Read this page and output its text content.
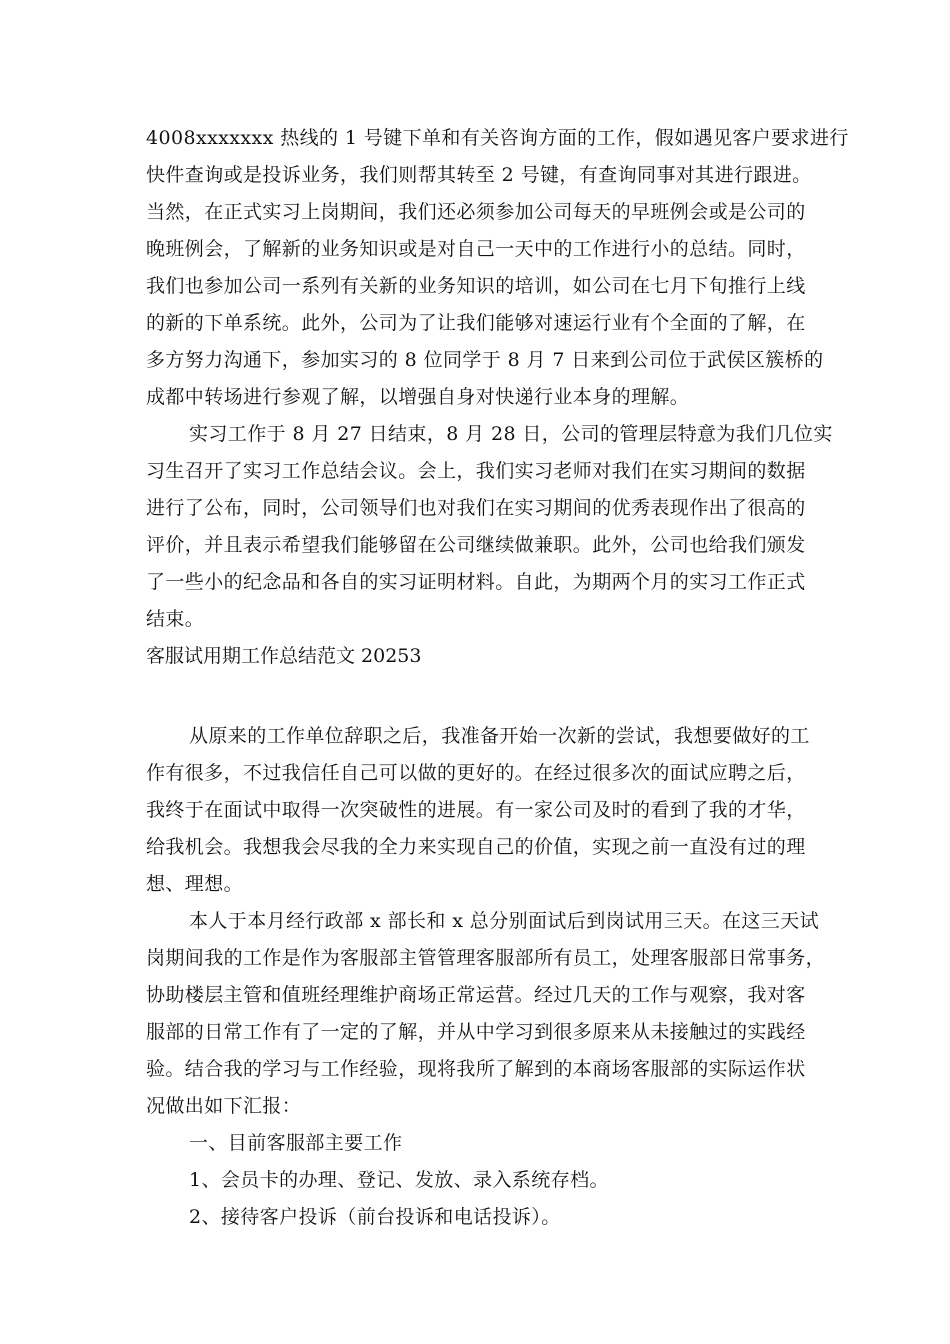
4008xxxxxxx 热线的 1 号键下单和有关咨询方面的工作，假如遇见客户要求进行
快件查询或是投诉业务，我们则帮其转至 2 号键，有查询同事对其进行跟进。
当然，在正式实习上岗期间，我们还必须参加公司每天的早班例会或是公司的
晚班例会，了解新的业务知识或是对自己一天中的工作进行小的总结。同时，
我们也参加公司一系列有关新的业务知识的培训，如公司在七月下旬推行上线
的新的下单系统。此外，公司为了让我们能够对速运行业有个全面的了解，在
多方努力沟通下，参加实习的 8 位同学于 8 月 7 日来到公司位于武侯区簇桥的
成都中转场进行参观了解，以增强自身对快递行业本身的理解。
实习工作于 8 月 27 日结束，8 月 28 日，公司的管理层特意为我们几位实
习生召开了实习工作总结会议。会上，我们实习老师对我们在实习期间的数据
进行了公布，同时，公司领导们也对我们在实习期间的优秀表现作出了很高的
评价，并且表示希望我们能够留在公司继续做兼职。此外，公司也给我们颁发
了一些小的纪念品和各自的实习证明材料。自此，为期两个月的实习工作正式
结束。
客服试用期工作总结范文 20253
从原来的工作单位辞职之后，我准备开始一次新的尝试，我想要做好的工
作有很多，不过我信任自己可以做的更好的。在经过很多次的面试应聘之后，
我终于在面试中取得一次突破性的进展。有一家公司及时的看到了我的才华，
给我机会。我想我会尽我的全力来实现自己的价值，实现之前一直没有过的理
想、理想。
本人于本月经行政部 x 部长和 x 总分别面试后到岗试用三天。在这三天试
岗期间我的工作是作为客服部主管管理客服部所有员工，处理客服部日常事务，
协助楼层主管和值班经理维护商场正常运营。经过几天的工作与观察，我对客
服部的日常工作有了一定的了解，并从中学习到很多原来从未接触过的实践经
验。结合我的学习与工作经验，现将我所了解到的本商场客服部的实际运作状
况做出如下汇报：
一、目前客服部主要工作
1、会员卡的办理、登记、发放、录入系统存档。
2、接待客户投诉（前台投诉和电话投诉）。
